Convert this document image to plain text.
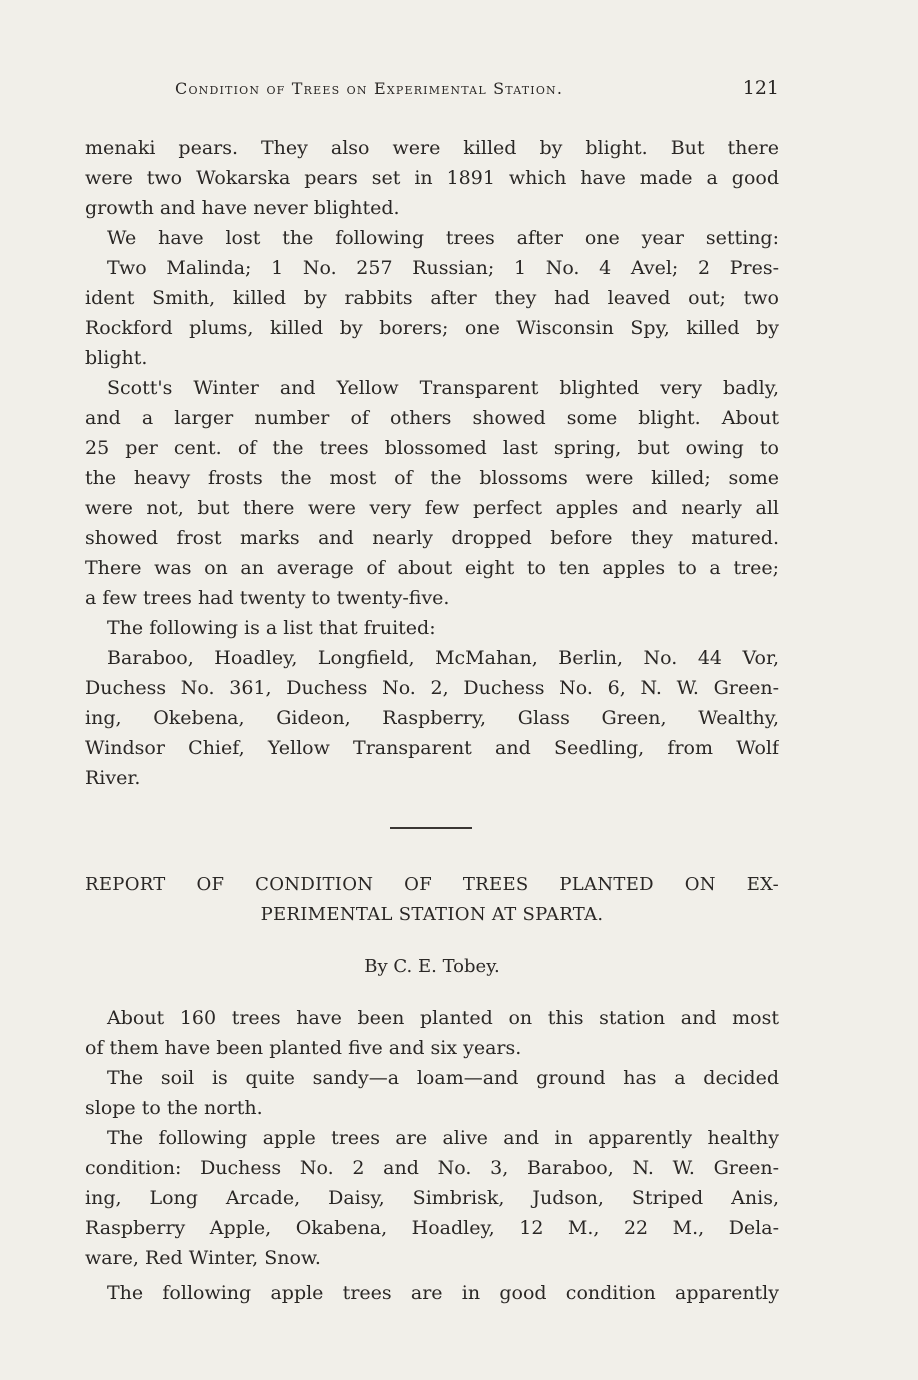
Condition of Trees on Experimental Station.	121
menaki pears. They also were killed by blight. But there
were two Wokarska pears set in 1891 which have made a good
growth and have never blighted.
We have lost the following trees after one year setting:
Two Malinda; 1 No. 257 Russian; 1 No. 4 Avel; 2 Pres-
ident Smith, killed by rabbits after they had leaved out; two
Rockford plums, killed by borers; one Wisconsin Spy, killed by
blight.
Scott's Winter and Yellow Transparent blighted very badly,
and a larger number of others showed some blight. About
25 per cent. of the trees blossomed last spring, but owing to
the heavy frosts the most of the blossoms were killed; some
were not, but there were very few perfect apples and nearly all
showed frost marks and nearly dropped before they matured.
There was on an average of about eight to ten apples to a tree;
a few trees had twenty to twenty-five.
The following is a list that fruited:
Baraboo, Hoadley, Longfield, McMahan, Berlin, No. 44 Vor,
Duchess No. 361, Duchess No. 2, Duchess No. 6, N. W. Green-
ing, Okebena, Gideon, Raspberry, Glass Green, Wealthy,
Windsor Chief, Yellow Transparent and Seedling, from Wolf
River.
REPORT OF CONDITION OF TREES PLANTED ON EX-
PERIMENTAL STATION AT SPARTA.
By C. E. Tobey.
About 160 trees have been planted on this station and most
of them have been planted five and six years.
The soil is quite sandy—a loam—and ground has a decided
slope to the north.
The following apple trees are alive and in apparently healthy
condition: Duchess No. 2 and No. 3, Baraboo, N. W. Green-
ing, Long Arcade, Daisy, Simbrisk, Judson, Striped Anis,
Raspberry Apple, Okabena, Hoadley, 12 M., 22 M., Dela-
ware, Red Winter, Snow.
The following apple trees are in good condition apparently
